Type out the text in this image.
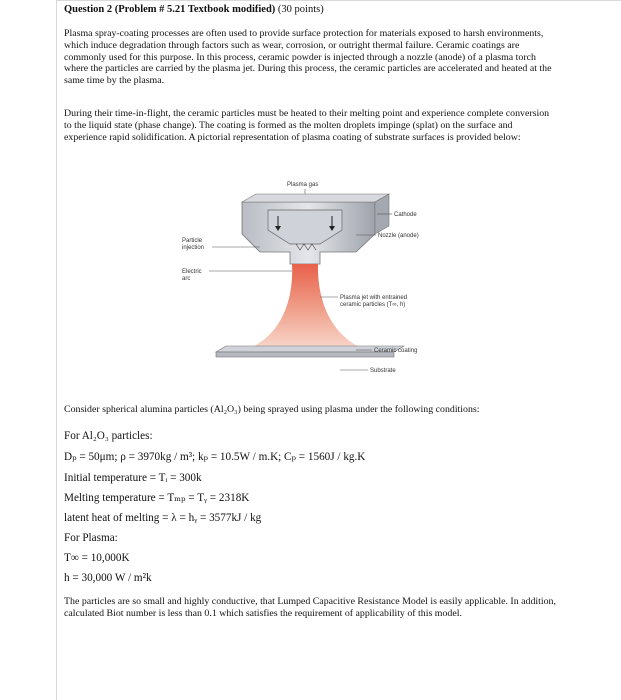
Question 2 (Problem # 5.21 Textbook modified) (30 points)

Plasma spray-coating processes are often used to provide surface protection for materials exposed to harsh environments, which induce degradation through factors such as wear, corrosion, or outright thermal failure. Ceramic coatings are commonly used for this purpose. In this process, ceramic powder is injected through a nozzle (anode) of a plasma torch where the particles are carried by the plasma jet. During this process, the ceramic particles are accelerated and heated at the same time by the plasma.

During their time-in-flight, the ceramic particles must be heated to their melting point and experience complete conversion to the liquid state (phase change). The coating is formed as the molten droplets impinge (splat) on the surface and experience rapid solidification. A pictorial representation of plasma coating of substrate surfaces is provided below:

Plasma gas
Cathode
Nozzle (anode)
Particle injection
Electric arc
Plasma jet with entrained ceramic particles (T∞, h)
Ceramic coating
Substrate

Consider spherical alumina particles (Al₂O₃) being sprayed using plasma under the following conditions:

For Al₂O₃ particles:

Dₚ = 50μm; ρ = 3970kg / m³; kₚ = 10.5W / m.K; Cₚ = 1560J / kg.K

Initial temperature = Tᵢ = 300k

Melting temperature = Tₘₚ = Tᵧ = 2318K

latent heat of melting = λ = hᵧ = 3577kJ / kg

For Plasma:

T∞ = 10,000K

h = 30,000 W / m²k

The particles are so small and highly conductive, that Lumped Capacitive Resistance Model is easily applicable. In addition, calculated Biot number is less than 0.1 which satisfies the requirement of applicability of this model.
